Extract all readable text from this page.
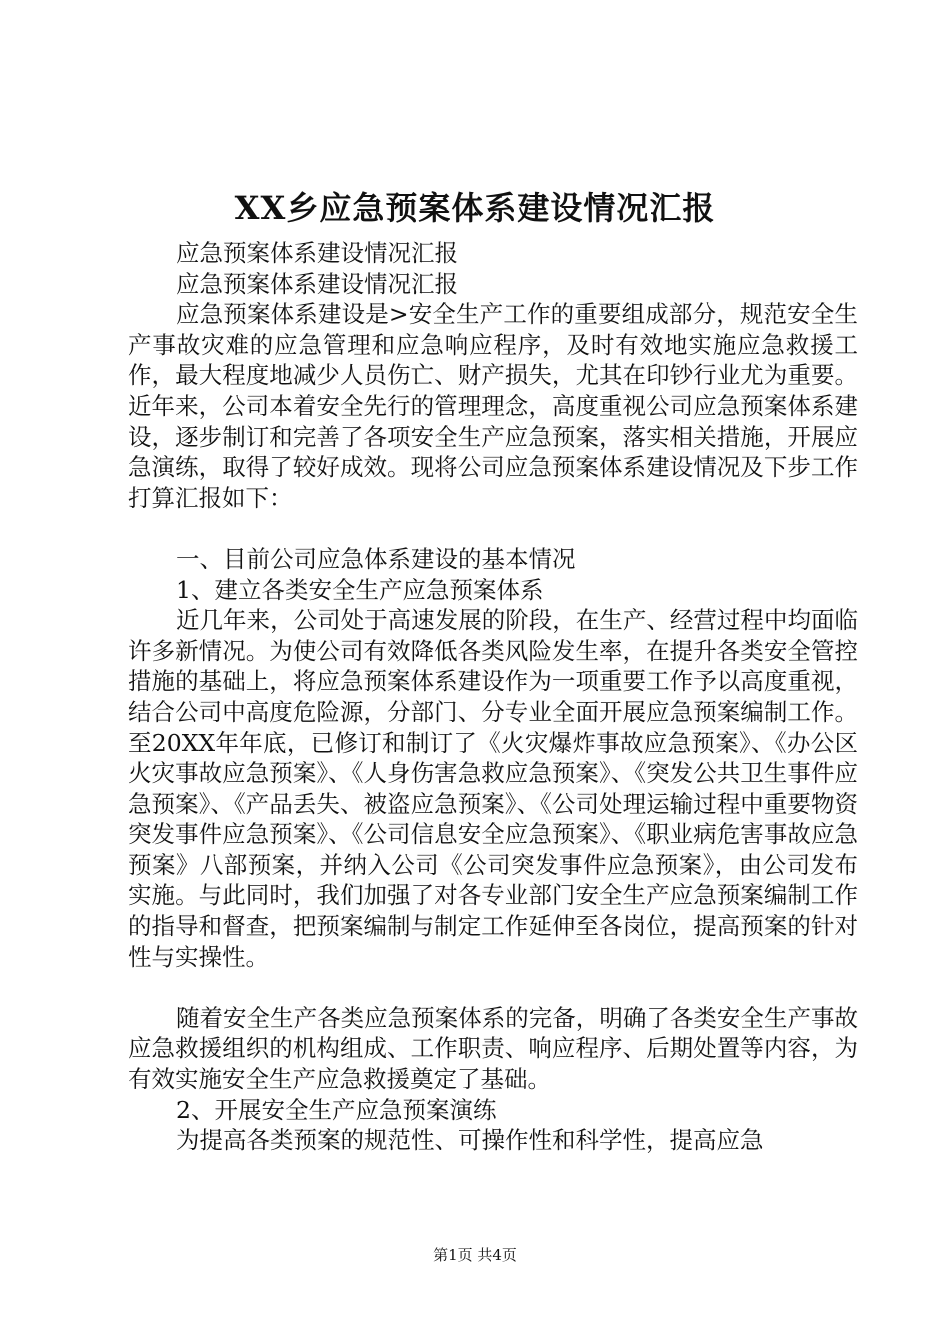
XX乡应急预案体系建设情况汇报

应急预案体系建设情况汇报

应急预案体系建设情况汇报

应急预案体系建设是>安全生产工作的重要组成部分，规范安全生产事故灾难的应急管理和应急响应程序，及时有效地实施应急救援工作，最大程度地减少人员伤亡、财产损失，尤其在印钞行业尤为重要。近年来，公司本着安全先行的管理理念，高度重视公司应急预案体系建设，逐步制订和完善了各项安全生产应急预案，落实相关措施，开展应急演练，取得了较好成效。现将公司应急预案体系建设情况及下步工作打算汇报如下：

一、目前公司应急体系建设的基本情况

1、建立各类安全生产应急预案体系

近几年来，公司处于高速发展的阶段，在生产、经营过程中均面临许多新情况。为使公司有效降低各类风险发生率，在提升各类安全管控措施的基础上，将应急预案体系建设作为一项重要工作予以高度重视，结合公司中高度危险源，分部门、分专业全面开展应急预案编制工作。至20XX年年底，已修订和制订了《火灾爆炸事故应急预案》、《办公区火灾事故应急预案》、《人身伤害急救应急预案》、《突发公共卫生事件应急预案》、《产品丢失、被盗应急预案》、《公司处理运输过程中重要物资突发事件应急预案》、《公司信息安全应急预案》、《职业病危害事故应急预案》八部预案，并纳入公司《公司突发事件应急预案》，由公司发布实施。与此同时，我们加强了对各专业部门安全生产应急预案编制工作的指导和督查，把预案编制与制定工作延伸至各岗位，提高预案的针对性与实操性。

随着安全生产各类应急预案体系的完备，明确了各类安全生产事故应急救援组织的机构组成、工作职责、响应程序、后期处置等内容，为有效实施安全生产应急救援奠定了基础。

2、开展安全生产应急预案演练

为提高各类预案的规范性、可操作性和科学性，提高应急

第1页 共4页
